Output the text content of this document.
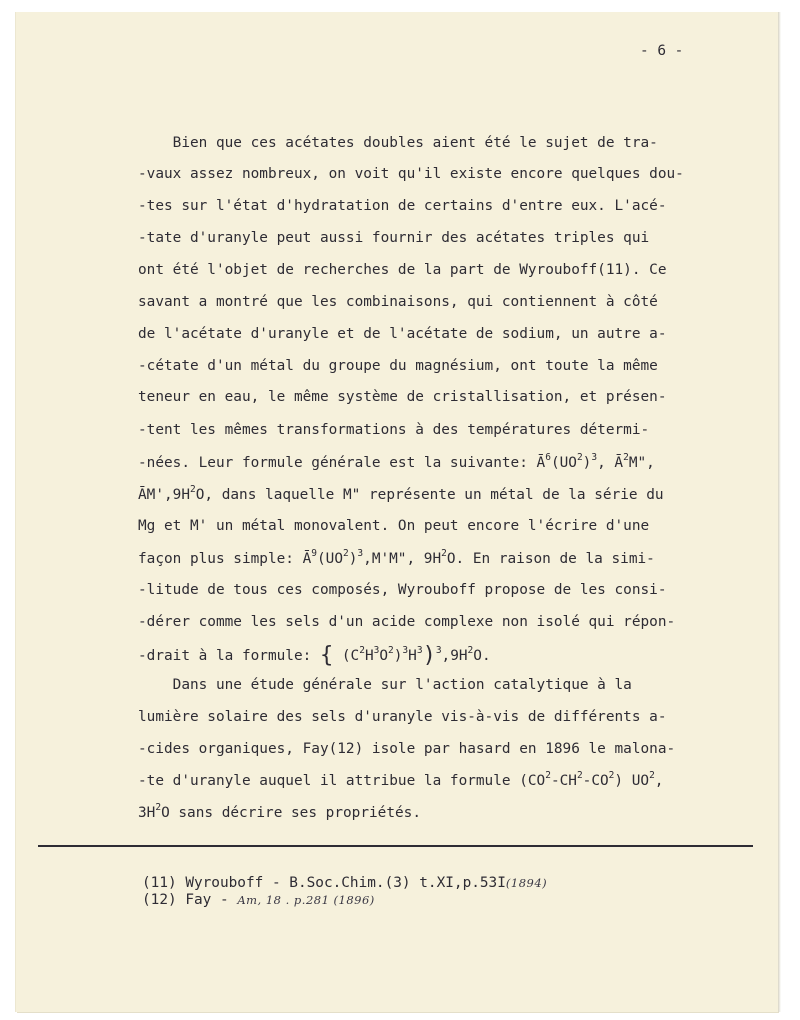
- 6 -
Bien que ces acétates doubles aient été le sujet de tra-
-vaux assez nombreux, on voit qu'il existe encore quelques dou-
-tes sur l'état d'hydratation de certains d'entre eux. L'acé-
-tate d'uranyle peut aussi fournir des acétates triples qui
ont été l'objet de recherches de la part de Wyrouboff(11). Ce
savant a montré que les combinaisons, qui contiennent à côté
de l'acétate d'uranyle et de l'acétate de sodium, un autre a-
-cétate d'un métal du groupe du magnésium, ont toute la même
teneur en eau, le même système de cristallisation, et présen-
-tent les mêmes transformations à des températures détermi-
-nées. Leur formule générale est la suivante: $Ā^6(UO^2)^3$, $Ā^2M$",
$ĀM',9H^2O$, dans laquelle M" représente un métal de la série du
Mg et M' un métal monovalent. On peut encore l'écrire d'une
façon plus simple: $Ā^9(UO^2)^3,M'M$", $9H^2O$. En raison de la simi-
-litude de tous ces composés, Wyrouboff propose de les consi-
-dérer comme les sels d'un acide complexe non isolé qui répon-
-drait à la formule: { $(C^2H^3O^2)^3H^3)^3,9H^2O$.
Dans une étude générale sur l'action catalytique à la
lumière solaire des sels d'uranyle vis-à-vis de différents a-
-cides organiques, Fay(12) isole par hasard en 1896 le malona-
-te d'uranyle auquel il attribue la formule $(CO^2-CH^2-CO^2)$ $UO^2$,
$3H^2O$ sans décrire ses propriétés.
(11) Wyrouboff - B.Soc.Chim.(3) t.XI,p.53I(1894)
(12) Fay - Am, 18 . p.281 (1896)
